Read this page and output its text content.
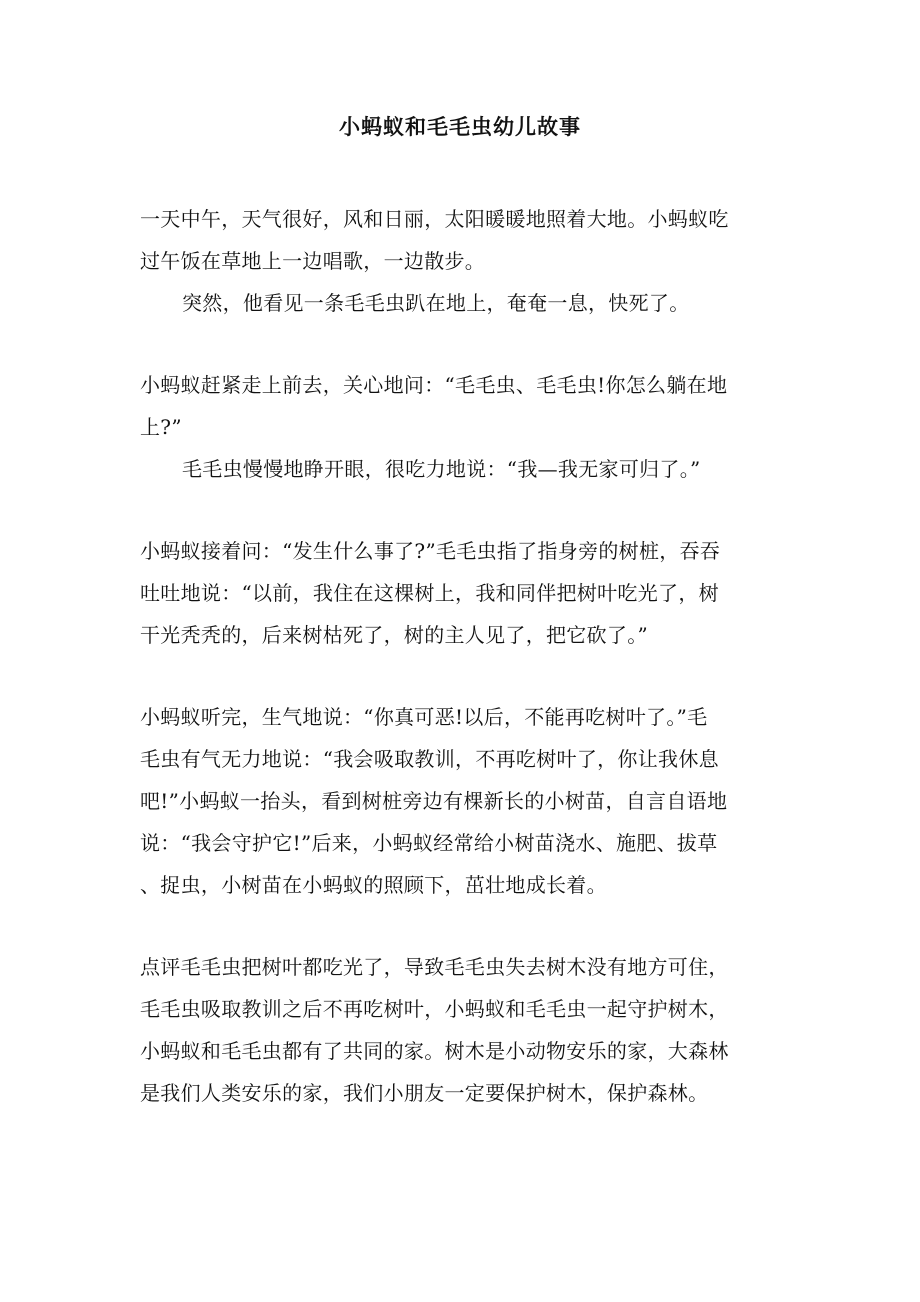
小蚂蚁和毛毛虫幼儿故事
一天中午，天气很好，风和日丽，太阳暖暖地照着大地。小蚂蚁吃
过午饭在草地上一边唱歌，一边散步。
突然，他看见一条毛毛虫趴在地上，奄奄一息，快死了。
小蚂蚁赶紧走上前去，关心地问：“毛毛虫、毛毛虫!你怎么躺在地
上?”
毛毛虫慢慢地睁开眼，很吃力地说：“我—我无家可归了。”
小蚂蚁接着问：“发生什么事了?”毛毛虫指了指身旁的树桩，吞吞
吐吐地说：“以前，我住在这棵树上，我和同伴把树叶吃光了，树
干光秃秃的，后来树枯死了，树的主人见了，把它砍了。”
小蚂蚁听完，生气地说：“你真可恶!以后，不能再吃树叶了。”毛
毛虫有气无力地说：“我会吸取教训，不再吃树叶了，你让我休息
吧!”小蚂蚁一抬头，看到树桩旁边有棵新长的小树苗，自言自语地
说：“我会守护它!”后来，小蚂蚁经常给小树苗浇水、施肥、拔草
、捉虫，小树苗在小蚂蚁的照顾下，茁壮地成长着。
点评毛毛虫把树叶都吃光了，导致毛毛虫失去树木没有地方可住，
毛毛虫吸取教训之后不再吃树叶，小蚂蚁和毛毛虫一起守护树木，
小蚂蚁和毛毛虫都有了共同的家。树木是小动物安乐的家，大森林
是我们人类安乐的家，我们小朋友一定要保护树木，保护森林。
